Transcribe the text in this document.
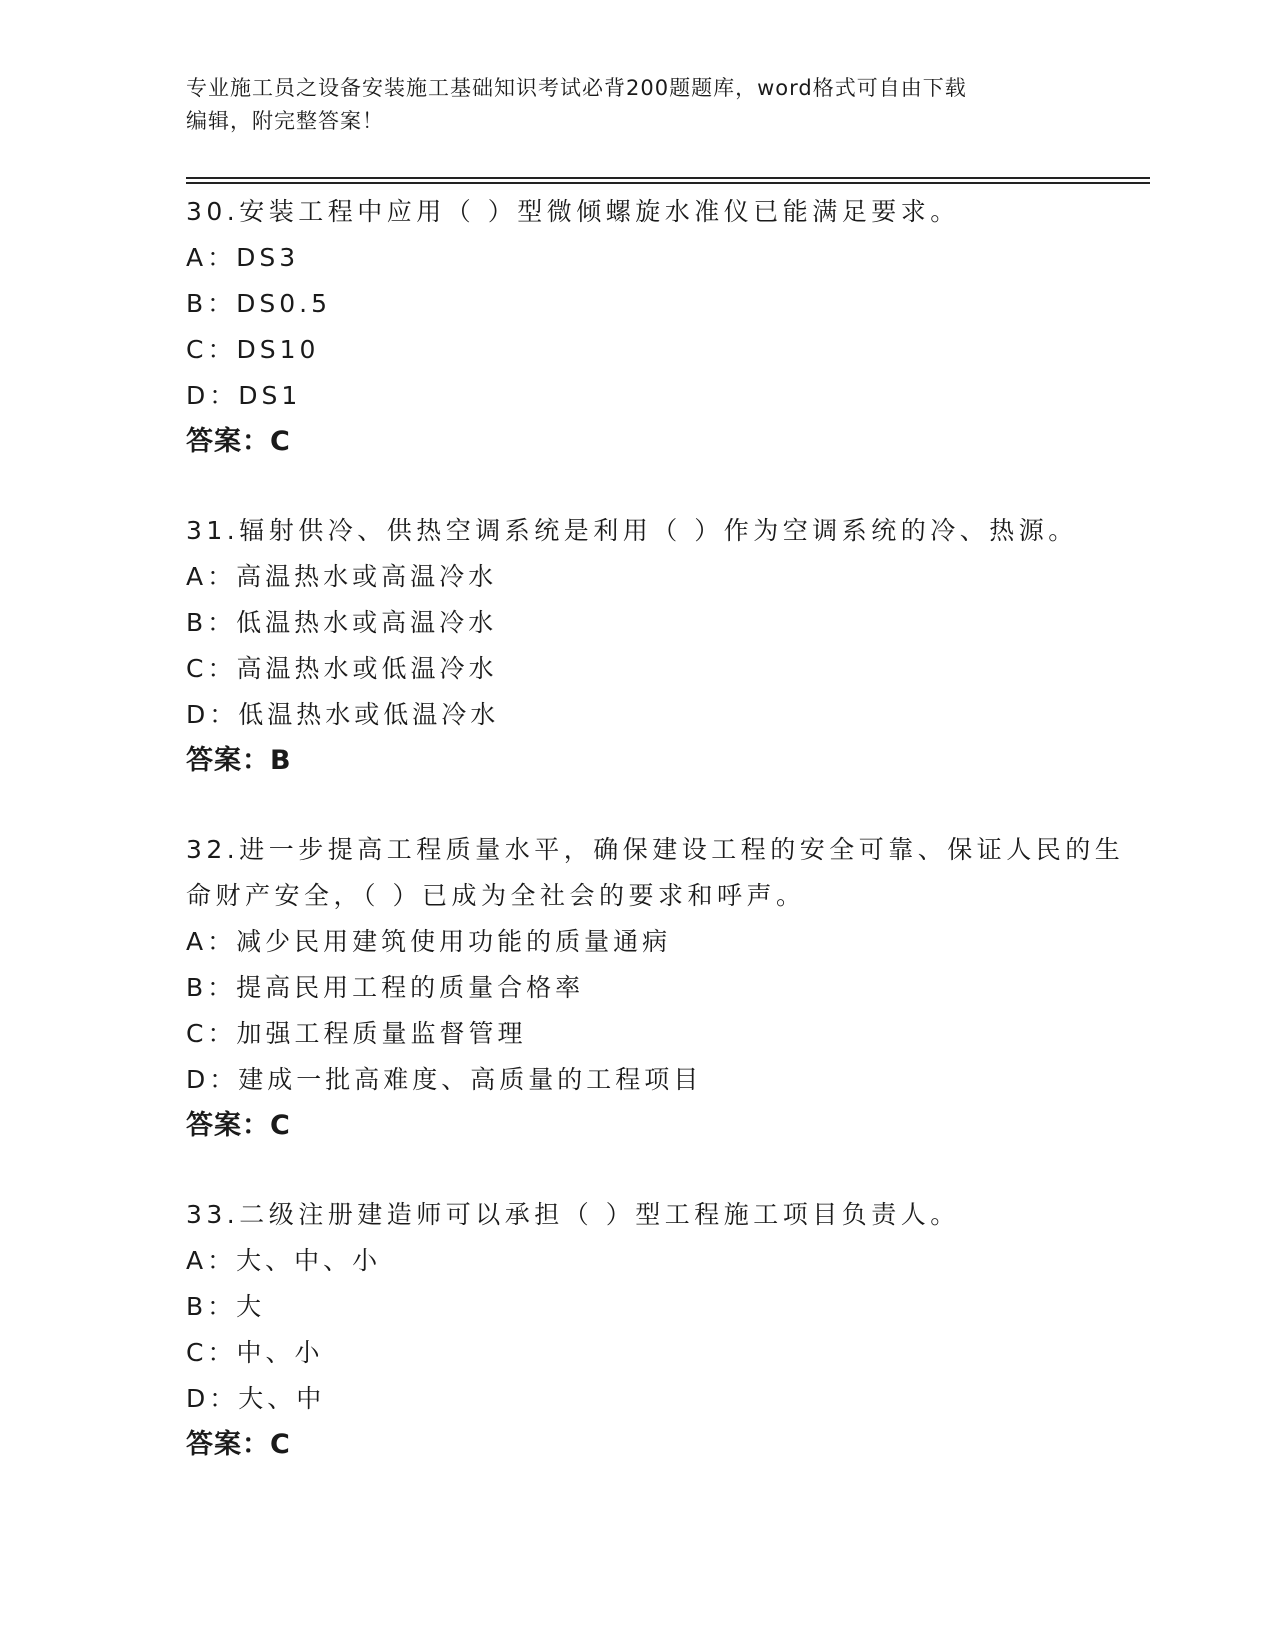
专业施工员之设备安装施工基础知识考试必背200题题库，word格式可自由下载
编辑，附完整答案！
30.安装工程中应用（ ）型微倾螺旋水准仪已能满足要求。
A：DS3
B：DS0.5
C：DS10
D：DS1
答案：C
31.辐射供冷、供热空调系统是利用（ ）作为空调系统的冷、热源。
A：高温热水或高温冷水
B：低温热水或高温冷水
C：高温热水或低温冷水
D：低温热水或低温冷水
答案：B
32.进一步提高工程质量水平，确保建设工程的安全可靠、保证人民的生命财产安全，（ ）已成为全社会的要求和呼声。
A：减少民用建筑使用功能的质量通病
B：提高民用工程的质量合格率
C：加强工程质量监督管理
D：建成一批高难度、高质量的工程项目
答案：C
33.二级注册建造师可以承担（ ）型工程施工项目负责人。
A：大、中、小
B：大
C：中、小
D：大、中
答案：C
